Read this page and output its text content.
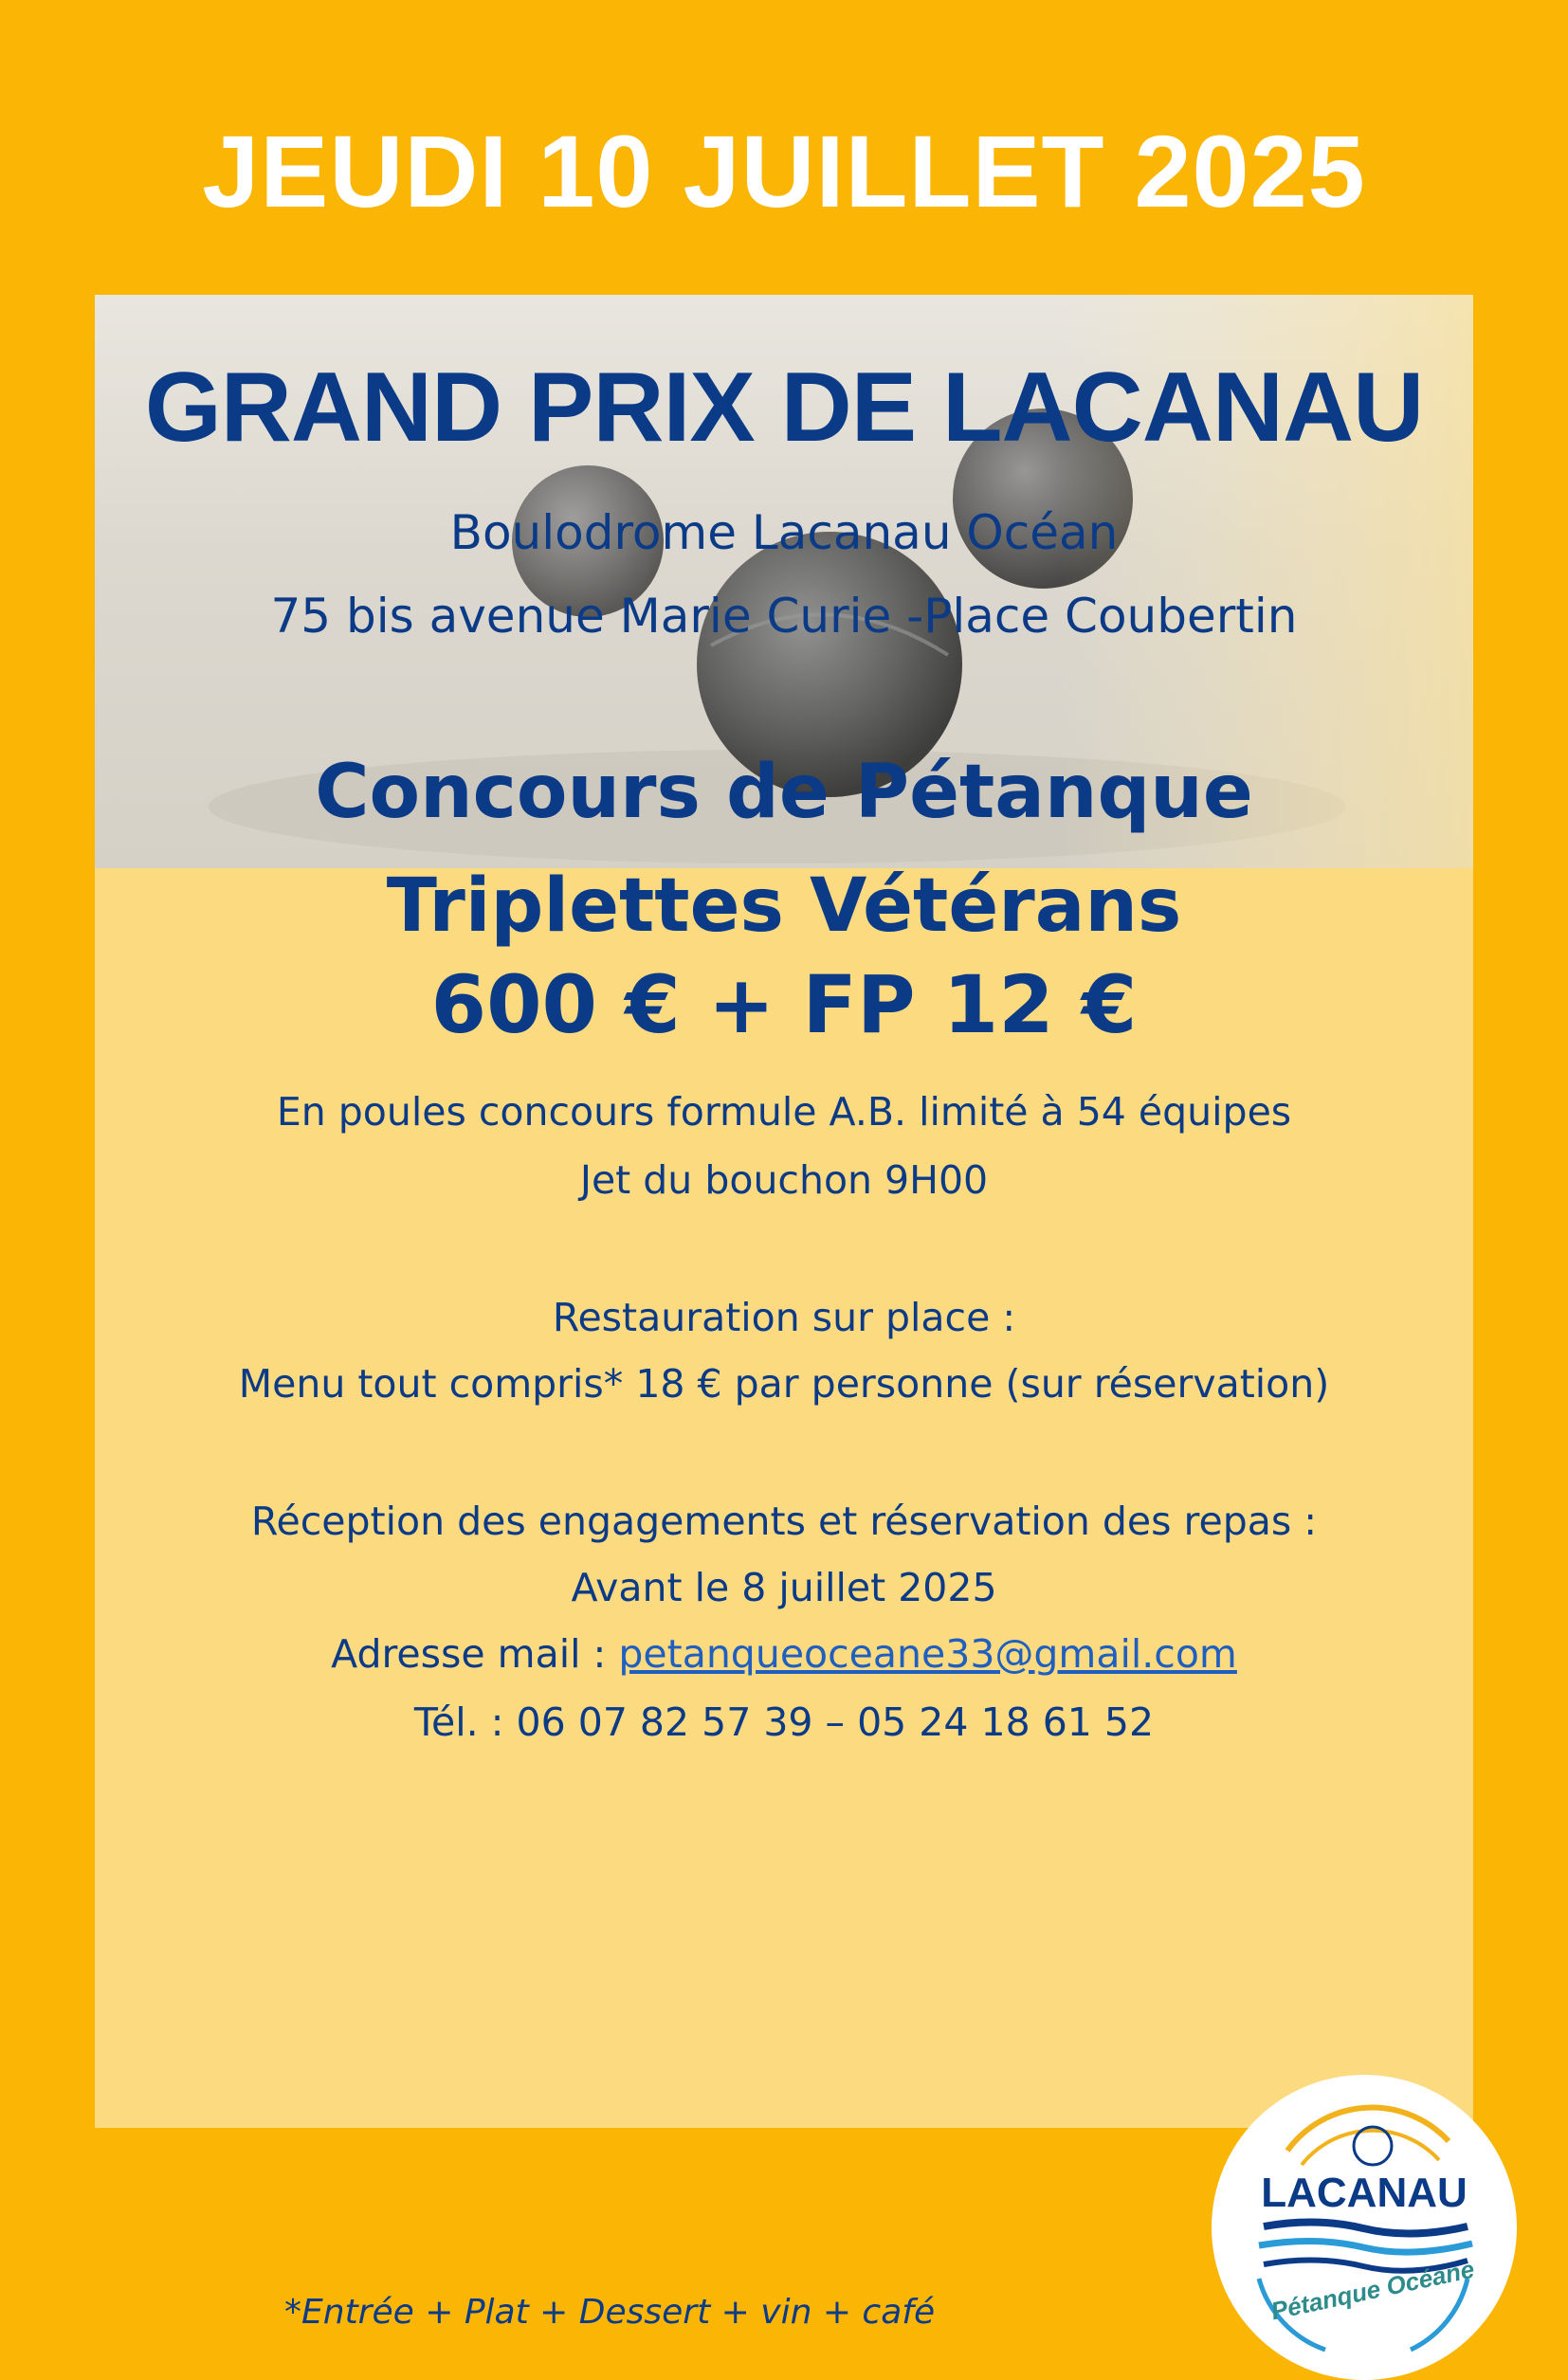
JEUDI 10 JUILLET 2025
GRAND PRIX DE LACANAU
Boulodrome Lacanau Océan
75 bis avenue Marie Curie -Place Coubertin
Concours de Pétanque
Triplettes Vétérans
600 € + FP 12 €
En poules concours formule A.B. limité à 54 équipes
Jet du bouchon 9H00
Restauration sur place :
Menu tout compris* 18 € par personne (sur réservation)
Réception des engagements et réservation des repas :
Avant le 8 juillet 2025
Adresse mail : petanqueoceane33@gmail.com
Tél. : 06 07 82 57 39 – 05 24 18 61 52
*Entrée + Plat + Dessert + vin + café
LACANAU
Pétanque Océane
